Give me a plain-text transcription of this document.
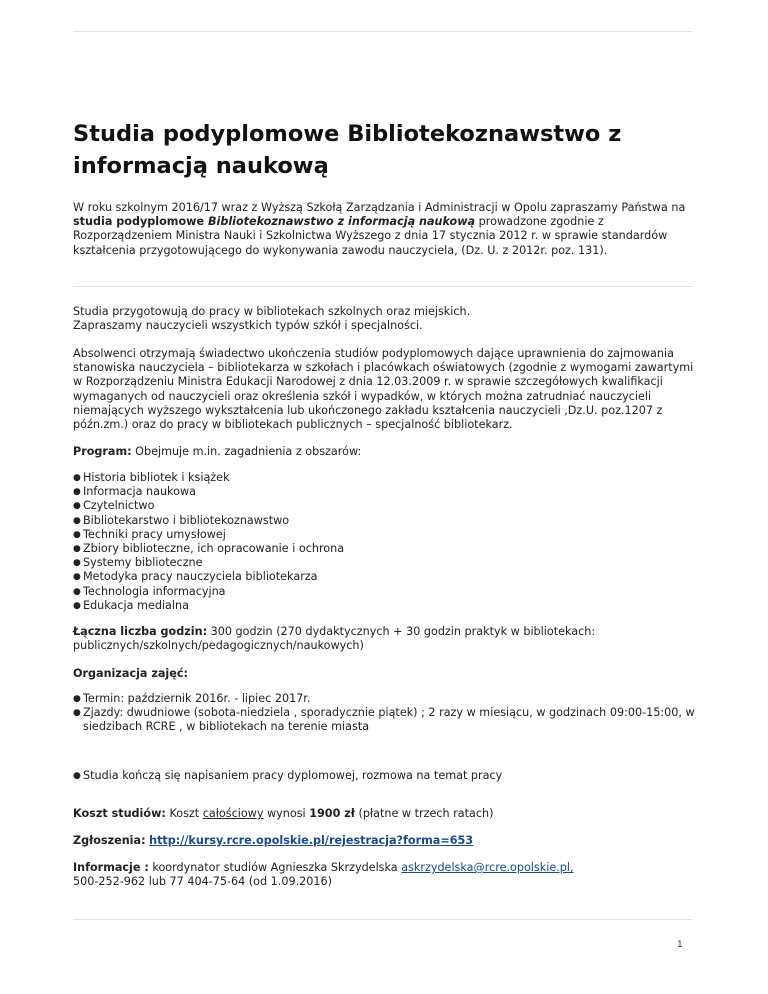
Studia podyplomowe Bibliotekoznawstwo z informacją naukową

W roku szkolnym 2016/17 wraz z Wyższą Szkołą Zarządzania i Administracji w Opolu zapraszamy Państwa na studia podyplomowe Bibliotekoznawstwo z informacją naukową prowadzone zgodnie z Rozporządzeniem Ministra Nauki i Szkolnictwa Wyższego z dnia 17 stycznia 2012 r. w sprawie standardów kształcenia przygotowującego do wykonywania zawodu nauczyciela, (Dz. U. z 2012r. poz. 131).

Studia przygotowują do pracy w bibliotekach szkolnych oraz miejskich.

Zapraszamy nauczycieli wszystkich typów szkół i specjalności.

Absolwenci otrzymają świadectwo ukończenia studiów podyplomowych dające uprawnienia do zajmowania stanowiska nauczyciela – bibliotekarza w szkołach i placówkach oświatowych (zgodnie z wymogami zawartymi w Rozporządzeniu Ministra Edukacji Narodowej z dnia 12.03.2009 r. w sprawie szczegółowych kwalifikacji wymaganych od nauczycieli oraz określenia szkół i wypadków, w których można zatrudniać nauczycieli niemających wyższego wykształcenia lub ukończonego zakładu kształcenia nauczycieli ,Dz.U. poz.1207 z późn.zm.) oraz do pracy w bibliotekach publicznych – specjalność bibliotekarz.

Program: Obejmuje m.in. zagadnienia z obszarów:

● Historia bibliotek i książek
● Informacja naukowa
● Czytelnictwo
● Bibliotekarstwo i bibliotekoznawstwo
● Techniki pracy umysłowej
● Zbiory biblioteczne, ich opracowanie i ochrona
● Systemy biblioteczne
● Metodyka pracy nauczyciela bibliotekarza
● Technologia informacyjna
● Edukacja medialna

Łączna liczba godzin: 300 godzin (270 dydaktycznych + 30 godzin praktyk w bibliotekach: publicznych/szkolnych/pedagogicznych/naukowych)

Organizacja zajęć:

● Termin: październik 2016r. - lipiec 2017r.
● Zjazdy: dwudniowe (sobota-niedziela , sporadycznie piątek) ; 2 razy w miesiącu, w godzinach 09:00-15:00, w siedzibach RCRE , w bibliotekach na terenie miasta
● Studia kończą się napisaniem pracy dyplomowej, rozmowa na temat pracy

Koszt studiów: Koszt całościowy wynosi 1900 zł (płatne w trzech ratach)

Zgłoszenia: http://kursy.rcre.opolskie.pl/rejestracja?forma=653

Informacje : koordynator studiów Agnieszka Skrzydelska askrzydelska@rcre.opolskie.pl,

500-252-962 lub 77 404-75-64 (od 1.09.2016)

1
